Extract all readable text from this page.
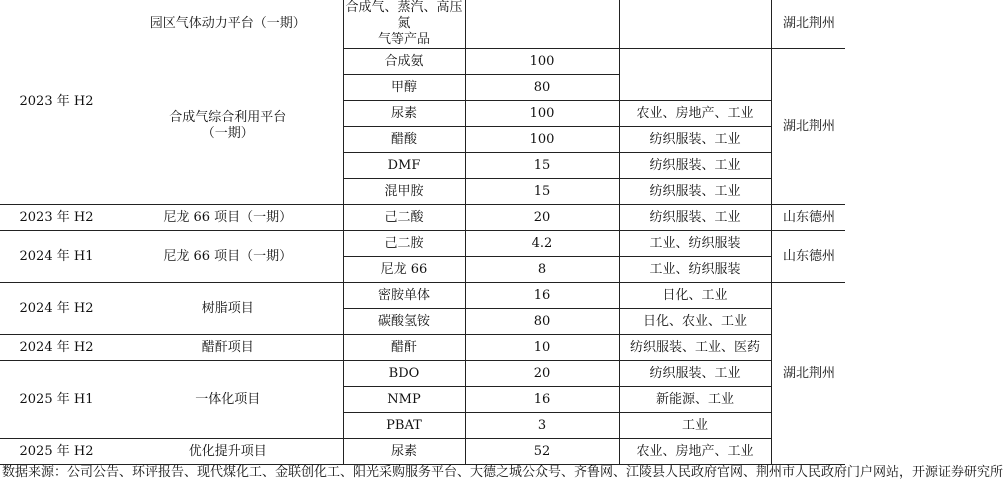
2023 年 H2	园区气体动力平台（一期）	合成气、蒸汽、高压氮
气等产品			湖北荆州

	合成气综合利用平台
（一期）	合成氨	100		湖北荆州
		甲醇	80		
		尿素	100	农业、房地产、工业	
		醋酸	100	纺织服装、工业	
		DMF	15	纺织服装、工业	
		混甲胺	15	纺织服装、工业	
2023 年 H2	尼龙 66 项目（一期）	己二酸	20	纺织服装、工业	山东德州
2024 年 H1	尼龙 66 项目（一期）	己二胺	4.2	工业、纺织服装	山东德州
		尼龙 66	8	工业、纺织服装	
2024 年 H2	树脂项目	密胺单体	16	日化、工业	湖北荆州
		碳酸氢铵	80	日化、农业、工业	
2024 年 H2	醋酐项目	醋酐	10	纺织服装、工业、医药	
2025 年 H1	一体化项目	BDO	20	纺织服装、工业	
		NMP	16	新能源、工业	
		PBAT	3	工业	
2025 年 H2	优化提升项目	尿素	52	农业、房地产、工业	
数据来源：公司公告、环评报告、现代煤化工、金联创化工、阳光采购服务平台、大德之城公众号、齐鲁网、江陵县人民政府官网、荆州市人民政府门户网站，开源证券研究所
